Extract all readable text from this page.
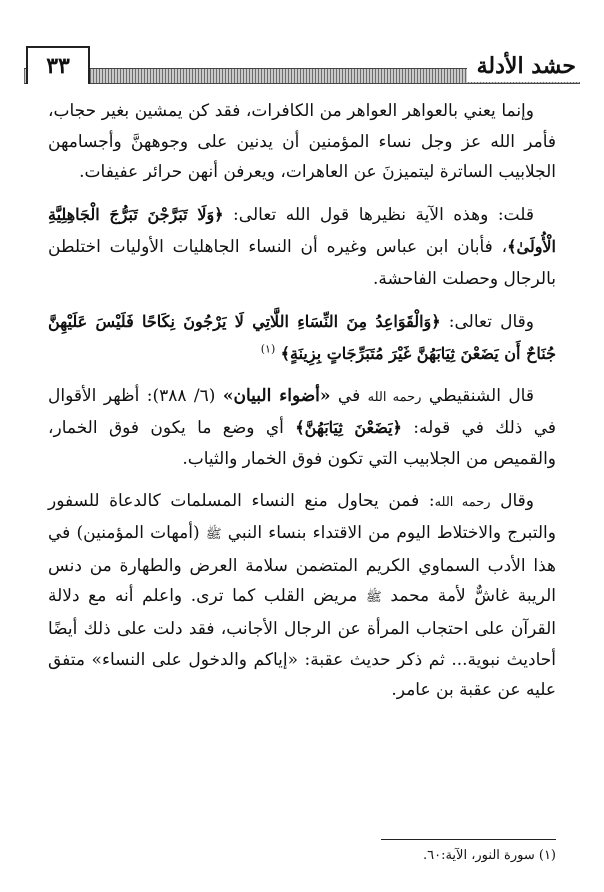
٣٣	حشد الأدلة

وإنما يعني بالعواهر العواهر من الكافرات، فقد كن يمشين بغير حجاب، فأمر الله عز وجل نساء المؤمنين أن يدنين على وجوههنَّ وأجسامهن الجلابيب الساترة ليتميزنَ عن العاهرات، ويعرفن أنهن حرائر عفيفات.

قلت: وهذه الآية نظيرها قول الله تعالى: ﴿وَلَا تَبَرَّجْنَ تَبَرُّجَ الْجَاهِلِيَّةِ الْأُولَىٰ﴾، فأبان ابن عباس وغيره أن النساء الجاهليات الأوليات اختلطن بالرجال وحصلت الفاحشة.

وقال تعالى: ﴿وَالْقَوَاعِدُ مِنَ النِّسَاءِ اللَّاتِي لَا يَرْجُونَ نِكَاحًا فَلَيْسَ عَلَيْهِنَّ جُنَاحٌ أَن يَضَعْنَ ثِيَابَهُنَّ غَيْرَ مُتَبَرِّجَاتٍ بِزِينَةٍ﴾ $^{(١)}$

قال الشنقيطي رحمه الله في «أضواء البيان» (٦/ ٣٨٨): أظهر الأقوال في ذلك في قوله: ﴿يَضَعْنَ ثِيَابَهُنَّ﴾ أي وضع ما يكون فوق الخمار، والقميص من الجلابيب التي تكون فوق الخمار والثياب.

وقال رحمه الله: فمن يحاول منع النساء المسلمات كالدعاة للسفور والتبرج والاختلاط اليوم من الاقتداء بنساء النبي ﷺ (أمهات المؤمنين) في هذا الأدب السماوي الكريم المتضمن سلامة العرض والطهارة من دنس الريبة غاشٌّ لأمة محمد ﷺ مريض القلب كما ترى. واعلم أنه مع دلالة القرآن على احتجاب المرأة عن الرجال الأجانب، فقد دلت على ذلك أيضًا أحاديث نبوية... ثم ذكر حديث عقبة: «إياكم والدخول على النساء» متفق عليه عن عقبة بن عامر.

(١) سورة النور، الآية:٦٠.
